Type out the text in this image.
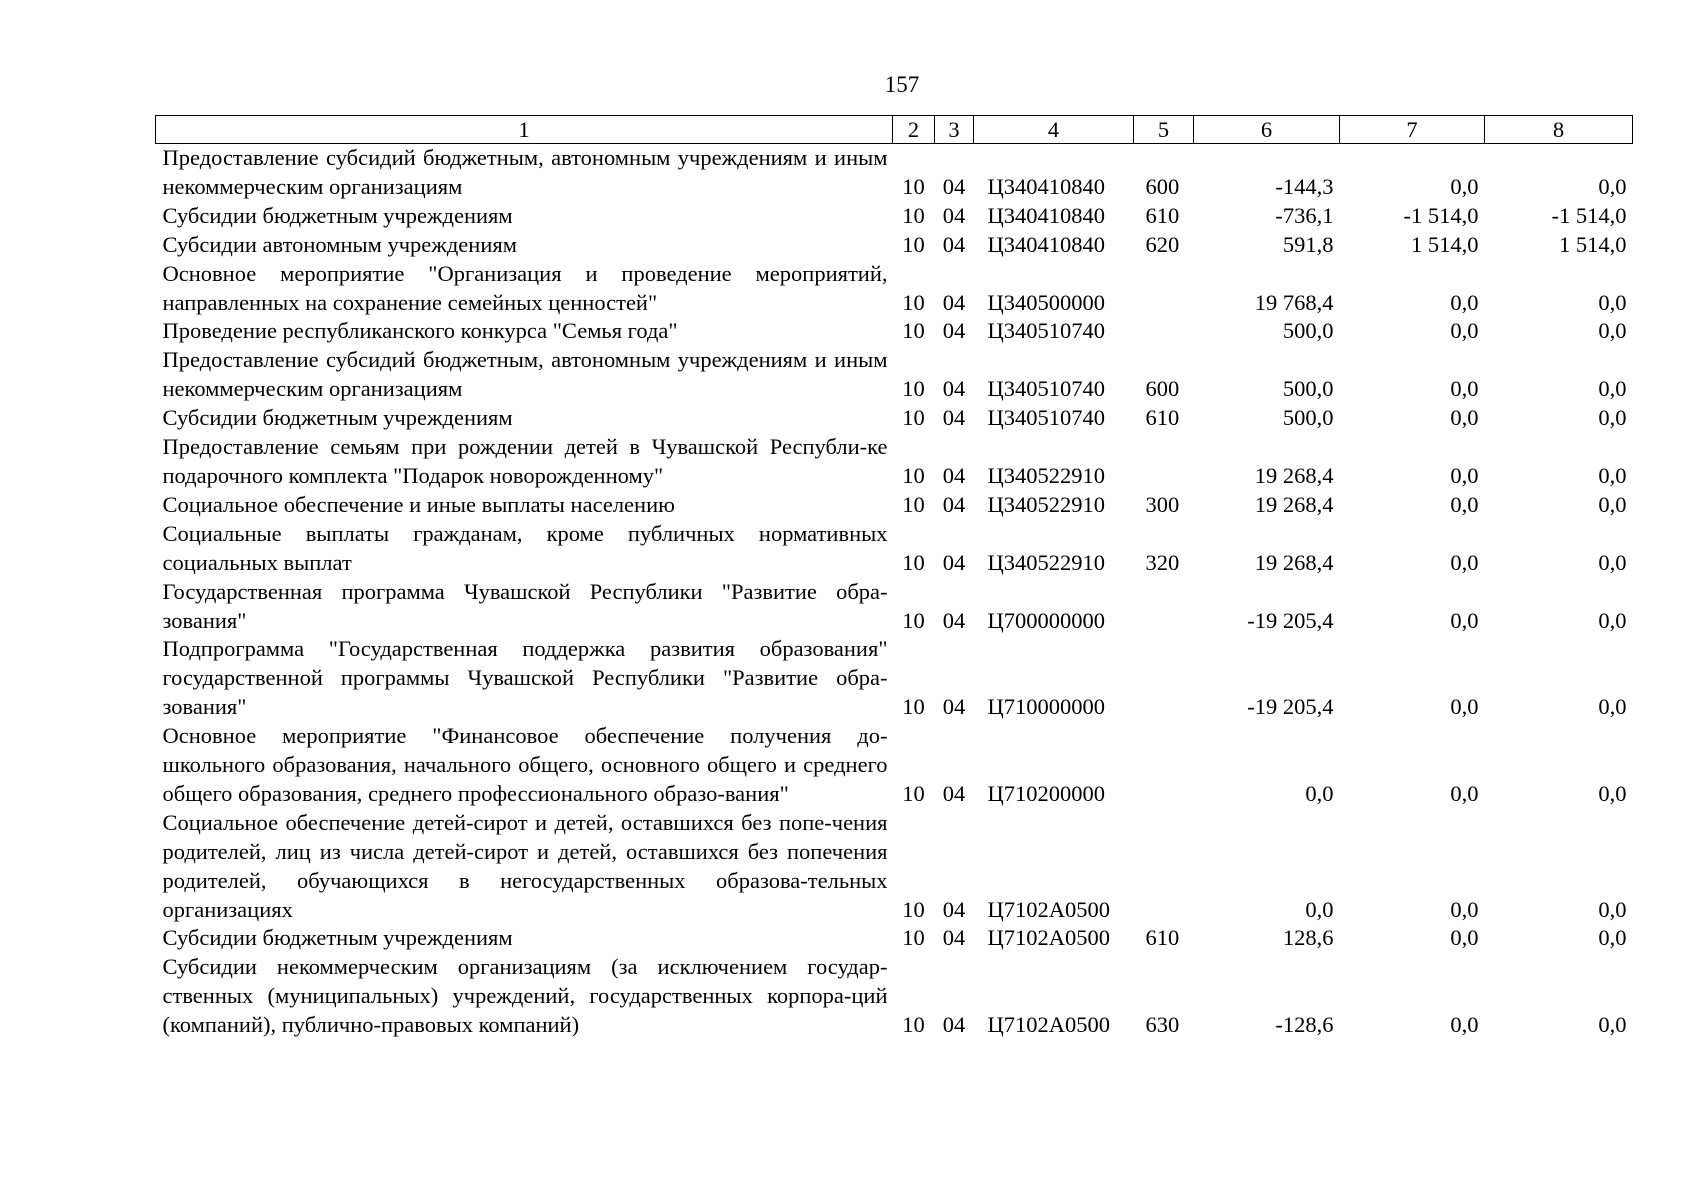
157
1	2	3	4	5	6	7	8
Предоставление субсидий бюджетным, автономным учреждениям и иным некоммерческим организациям	10	04	Ц340410840	600	-144,3	0,0	0,0
Субсидии бюджетным учреждениям	10	04	Ц340410840	610	-736,1	-1 514,0	-1 514,0
Субсидии автономным учреждениям	10	04	Ц340410840	620	591,8	1 514,0	1 514,0
Основное мероприятие "Организация и проведение мероприятий, направленных на сохранение семейных ценностей"	10	04	Ц340500000		19 768,4	0,0	0,0
Проведение республиканского конкурса "Семья года"	10	04	Ц340510740		500,0	0,0	0,0
Предоставление субсидий бюджетным, автономным учреждениям и иным некоммерческим организациям	10	04	Ц340510740	600	500,0	0,0	0,0
Субсидии бюджетным учреждениям	10	04	Ц340510740	610	500,0	0,0	0,0
Предоставление семьям при рождении детей в Чувашской Республи-ке подарочного комплекта "Подарок новорожденному"	10	04	Ц340522910		19 268,4	0,0	0,0
Социальное обеспечение и иные выплаты населению	10	04	Ц340522910	300	19 268,4	0,0	0,0
Социальные выплаты гражданам, кроме публичных нормативных социальных выплат	10	04	Ц340522910	320	19 268,4	0,0	0,0
Государственная программа Чувашской Республики "Развитие обра-зования"	10	04	Ц700000000		-19 205,4	0,0	0,0
Подпрограмма "Государственная поддержка развития образования" государственной программы Чувашской Республики "Развитие обра-зования"	10	04	Ц710000000		-19 205,4	0,0	0,0
Основное мероприятие "Финансовое обеспечение получения до-школьного образования, начального общего, основного общего и среднего общего образования, среднего профессионального образо-вания"	10	04	Ц710200000		0,0	0,0	0,0
Социальное обеспечение детей-сирот и детей, оставшихся без попе-чения родителей, лиц из числа детей-сирот и детей, оставшихся без попечения родителей, обучающихся в негосударственных образова-тельных организациях	10	04	Ц7102А0500		0,0	0,0	0,0
Субсидии бюджетным учреждениям	10	04	Ц7102А0500	610	128,6	0,0	0,0
Субсидии некоммерческим организациям (за исключением государ-ственных (муниципальных) учреждений, государственных корпора-ций (компаний), публично-правовых компаний)	10	04	Ц7102А0500	630	-128,6	0,0	0,0
